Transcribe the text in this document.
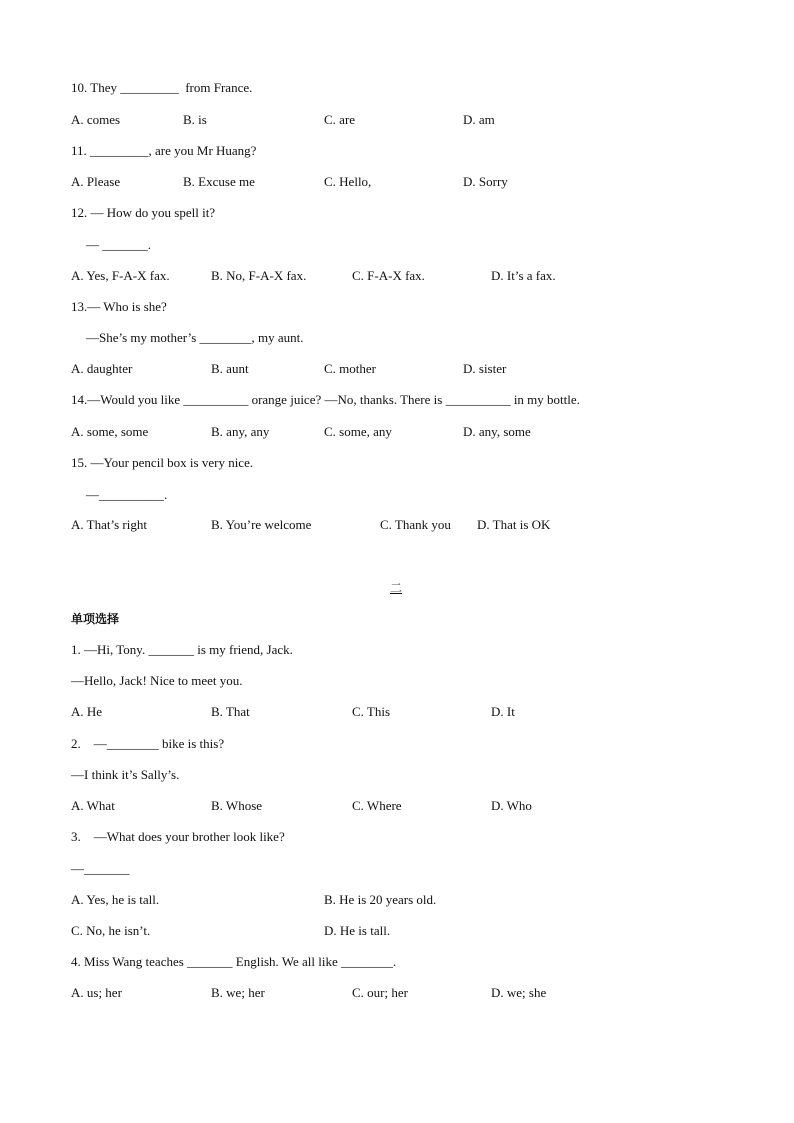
10. They _________  from France.
A. comes	B. is	C. are	D. am
11. _________, are you Mr Huang?
A. Please	B. Excuse me	C. Hello,	D. Sorry
12. — How do you spell it?
— _______.
A. Yes, F-A-X fax.	B. No, F-A-X fax.	C. F-A-X fax.	D. It’s a fax.
13.— Who is she?
—She’s my mother’s ________, my aunt.
A. daughter	B. aunt	C. mother	D. sister
14.—Would you like __________ orange juice? —No, thanks. There is __________ in my bottle.
A. some, some	B. any, any	C. some, any	D. any, some
15. —Your pencil box is very nice.
—__________.
A. That’s right	B. You’re welcome	C. Thank you D. That is OK
二
单项选择
1. —Hi, Tony. _______ is my friend, Jack.
—Hello, Jack! Nice to meet you.
A. He	B. That	C. This	D. It
2.    —________ bike is this?
—I think it’s Sally’s.
A. What	B. Whose	C. Where	D. Who
3.    —What does your brother look like?
—_______
A. Yes, he is tall.	B. He is 20 years old.
C. No, he isn’t.	D. He is tall.
4. Miss Wang teaches _______ English. We all like ________.
A. us; her	B. we; her	C. our; her	D. we; she
